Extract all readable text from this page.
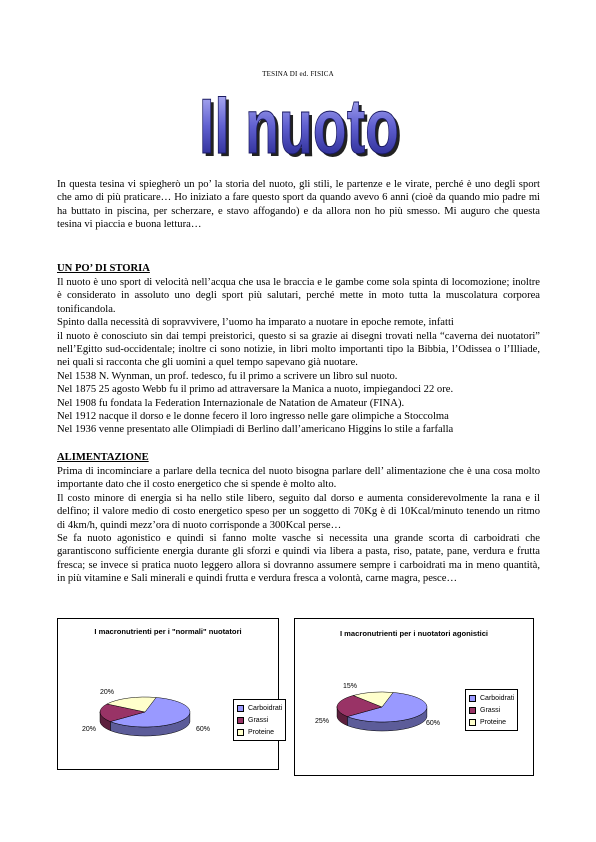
TESINA DI ed. FISICA
Il nuoto
Il nuoto

In questa tesina vi spiegherò un po’ la storia del nuoto, gli stili, le partenze e le virate, perché è uno degli sport che amo di più praticare… Ho iniziato a fare questo sport da quando avevo 6 anni (cioè da quando mio padre mi ha buttato in piscina, per scherzare, e stavo affogando) e da allora non ho più smesso. Mi auguro che questa tesina vi piaccia e buona lettura…

UN PO’ DI STORIA

Il nuoto è uno sport di velocità nell’acqua che usa le braccia e le gambe come sola spinta di locomozione; inoltre è considerato in assoluto uno degli sport più salutari, perché mette in moto tutta la muscolatura corporea tonificandola.

Spinto dalla necessità di sopravvivere, l’uomo ha imparato a nuotare in epoche remote, infatti

il nuoto è conosciuto sin dai tempi preistorici, questo si sa grazie ai disegni trovati nella “caverna dei nuotatori” nell’Egitto sud-occidentale; inoltre ci sono notizie, in libri molto importanti tipo la Bibbia, l’Odissea o l’Illiade, nei quali si racconta che gli uomini a quel tempo sapevano già nuotare.

Nel 1538 N. Wynman, un prof. tedesco, fu il primo a scrivere un libro sul nuoto.

Nel 1875 25 agosto Webb fu il primo ad attraversare la Manica a nuoto, impiegandoci 22 ore.

Nel 1908 fu fondata la Federation Internazionale de Natation de Amateur (FINA).

Nel 1912 nacque il dorso e le donne fecero il loro ingresso nelle gare olimpiche a Stoccolma

Nel 1936 venne presentato alle Olimpiadi di Berlino dall’americano Higgins lo stile a farfalla

ALIMENTAZIONE

Prima di incominciare a parlare della tecnica del nuoto bisogna parlare dell’ alimentazione che è una cosa molto importante dato che il costo energetico che si spende è molto alto.

Il costo minore di energia si ha nello stile libero, seguito dal dorso e aumenta considerevolmente la rana e il delfino; il valore medio di costo energetico speso per un soggetto di 70Kg è di 10Kcal/minuto tenendo un ritmo di 4km/h, quindi mezz’ora di nuoto corrisponde a 300Kcal perse…

Se fa nuoto agonistico e quindi si fanno molte vasche si necessita una grande scorta di carboidrati che garantiscono sufficiente energia durante gli sforzi e quindi via libera a pasta, riso, patate, pane, verdura e frutta fresca; se invece si pratica nuoto leggero allora si dovranno assumere sempre i carboidrati ma in meno quantità, in più vitamine e Sali minerali e quindi frutta e verdura fresca a volontà, carne magra, pesce…

I macronutrienti per i "normali" nuotatori
20%
20%	60%
Carboidrati
Grassi
Proteine
I macronutrienti per i nuotatori agonistici
15%
25%	60%
Carboidrati
Grassi
Proteine
